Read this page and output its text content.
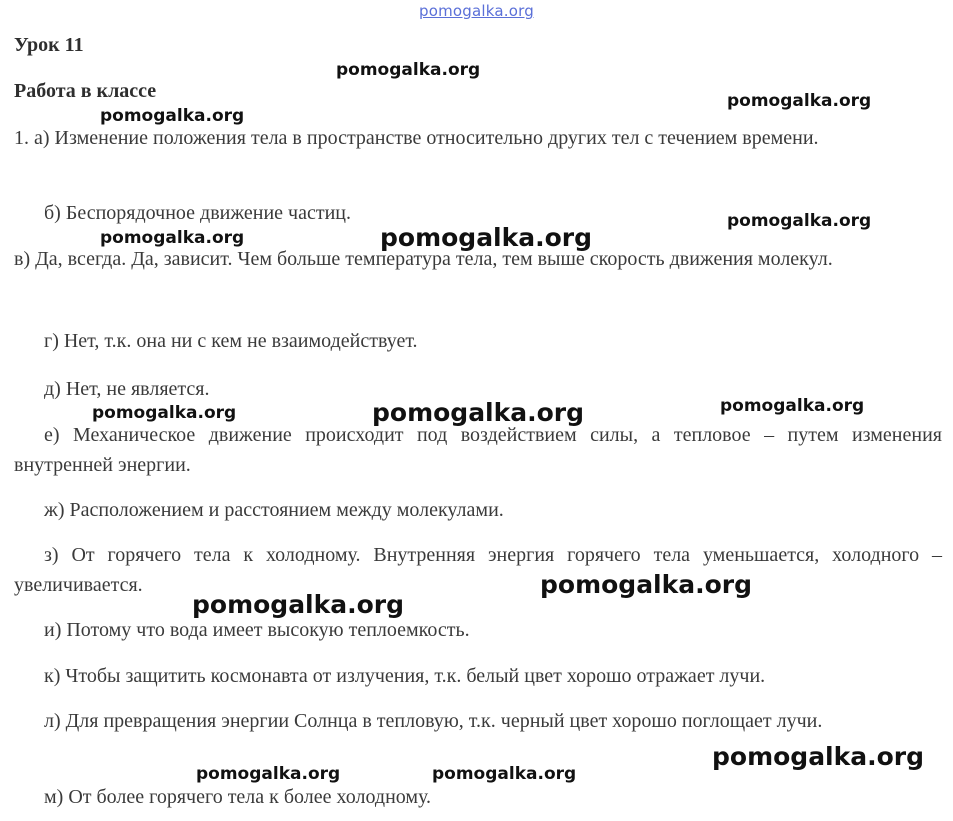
pomogalka.org
Урок 11
Работа в классе
1. а) Изменение положения тела в пространстве относительно других тел с течением времени.
б) Беспорядочное движение частиц.
в) Да, всегда. Да, зависит. Чем больше температура тела, тем выше скорость движения молекул.
г) Нет, т.к. она ни с кем не взаимодействует.
д) Нет, не является.
е) Механическое движение происходит под воздействием силы, а тепловое – путем изменения внутренней энергии.
ж) Расположением и расстоянием между молекулами.
з) От горячего тела к холодному. Внутренняя энергия горячего тела уменьшается, холодного – увеличивается.
и) Потому что вода имеет высокую теплоемкость.
к) Чтобы защитить космонавта от излучения, т.к. белый цвет хорошо отражает лучи.
л) Для превращения энергии Солнца в тепловую, т.к. черный цвет хорошо поглощает лучи.
м) От более горячего тела к более холодному.
pomogalka.org
pomogalka.org
pomogalka.org
pomogalka.org
pomogalka.org	pomogalka.org
pomogalka.org	pomogalka.org	pomogalka.org
pomogalka.org
pomogalka.org
pomogalka.org
pomogalka.org	pomogalka.org
